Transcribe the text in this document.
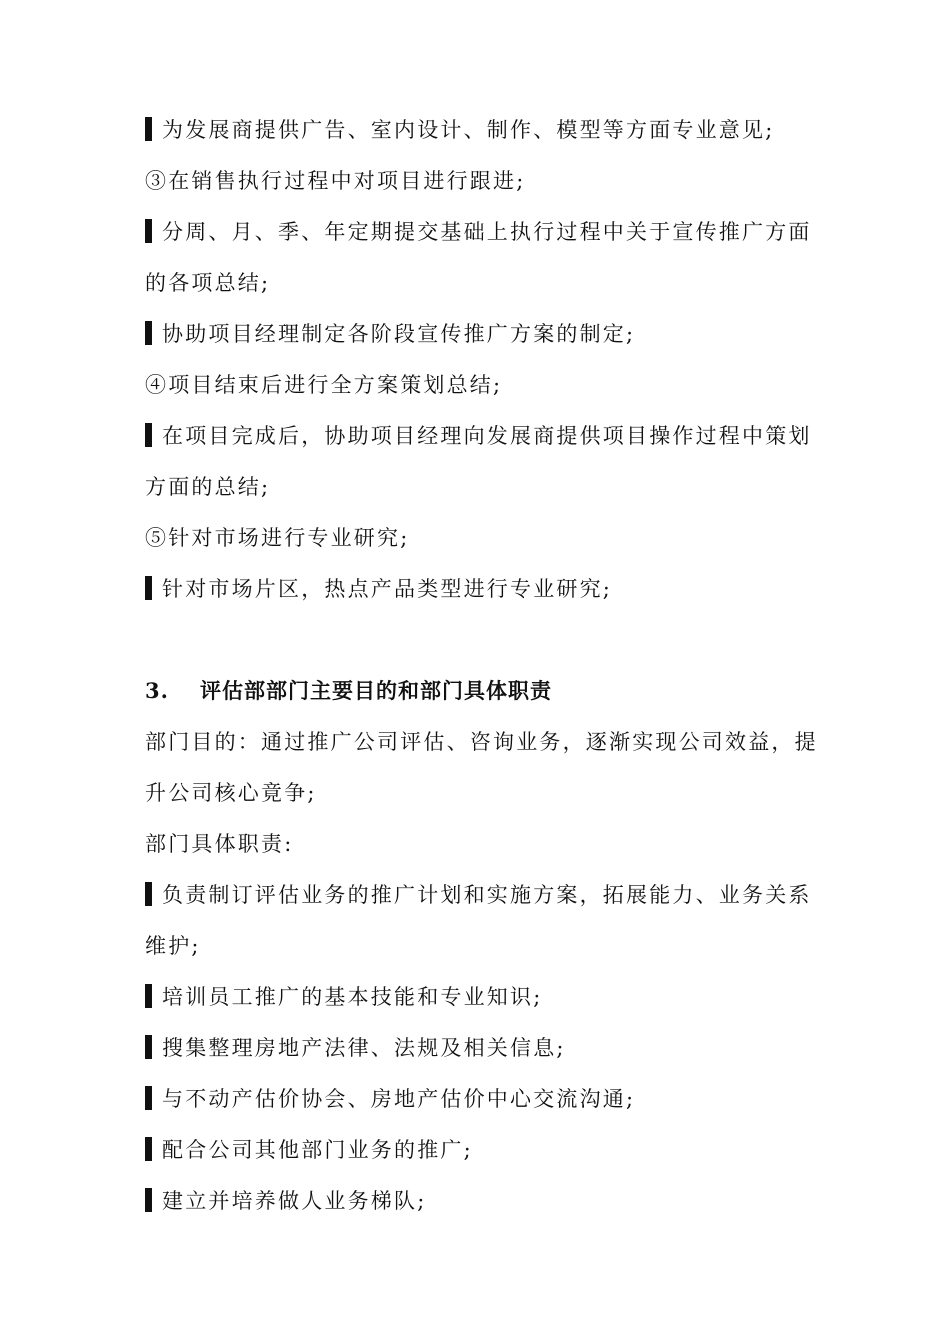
为发展商提供广告、室内设计、制作、模型等方面专业意见;
③在销售执行过程中对项目进行跟进;
分周、月、季、年定期提交基础上执行过程中关于宣传推广方面
的各项总结;
协助项目经理制定各阶段宣传推广方案的制定;
④项目结束后进行全方案策划总结;
在项目完成后，协助项目经理向发展商提供项目操作过程中策划
方面的总结;
⑤针对市场进行专业研究;
针对市场片区，热点产品类型进行专业研究;
3. 评估部部门主要目的和部门具体职责
部门目的：通过推广公司评估、咨询业务，逐渐实现公司效益，提
升公司核心竟争;
部门具体职责:
负责制订评估业务的推广计划和实施方案，拓展能力、业务关系
维护;
培训员工推广的基本技能和专业知识;
搜集整理房地产法律、法规及相关信息;
与不动产估价协会、房地产估价中心交流沟通;
配合公司其他部门业务的推广;
建立并培养做人业务梯队;
